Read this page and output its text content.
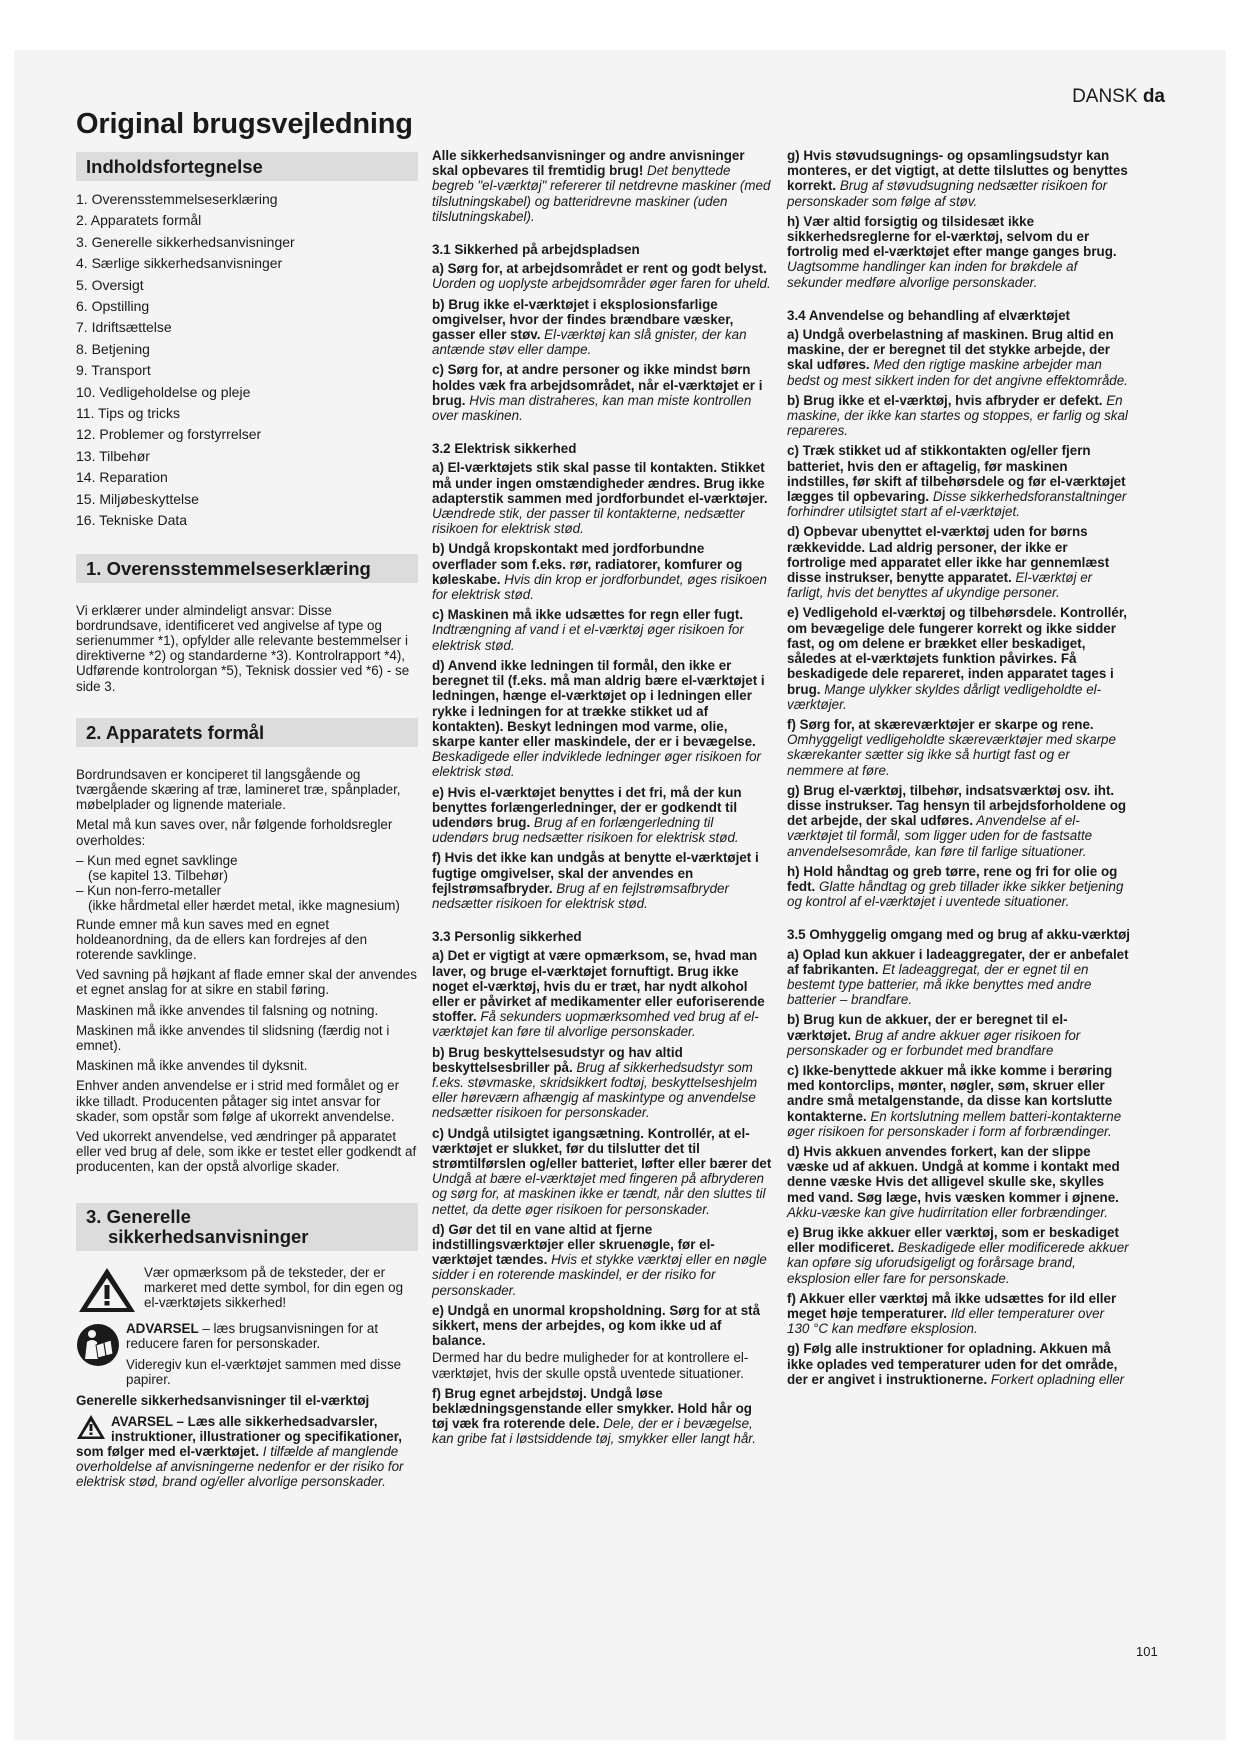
DANSK da
Original brugsvejledning
Indholdsfortegnelse
1. Overensstemmelseserklæring
2. Apparatets formål
3. Generelle sikkerhedsanvisninger
4. Særlige sikkerhedsanvisninger
5. Oversigt
6. Opstilling
7. Idriftsættelse
8. Betjening
9. Transport
10. Vedligeholdelse og pleje
11. Tips og tricks
12. Problemer og forstyrrelser
13. Tilbehør
14. Reparation
15. Miljøbeskyttelse
16. Tekniske Data
1. Overensstemmelseserklæring

Vi erklærer under almindeligt ansvar: Disse bordrundsave, identificeret ved angivelse af type og serienummer *1), opfylder alle relevante bestemmelser i direktiverne *2) og standarderne *3). Kontrolrapport *4), Udførende kontrolorgan *5), Teknisk dossier ved *6) - se side 3.

2. Apparatets formål

Bordrundsaven er konciperet til langsgående og tværgående skæring af træ, lamineret træ, spånplader, møbelplader og lignende materiale.

Metal må kun saves over, når følgende forholdsregler overholdes:

– Kun med egnet savklinge
(se kapitel 13. Tilbehør)
– Kun non-ferro-metaller
(ikke hårdmetal eller hærdet metal, ikke magnesium)

Runde emner må kun saves med en egnet holdeanordning, da de ellers kan fordrejes af den roterende savklinge.

Ved savning på højkant af flade emner skal der anvendes et egnet anslag for at sikre en stabil føring.

Maskinen må ikke anvendes til falsning og notning.

Maskinen må ikke anvendes til slidsning (færdig not i emnet).

Maskinen må ikke anvendes til dyksnit.

Enhver anden anvendelse er i strid med formålet og er ikke tilladt. Producenten påtager sig intet ansvar for skader, som opstår som følge af ukorrekt anvendelse.

Ved ukorrekt anvendelse, ved ændringer på apparatet eller ved brug af dele, som ikke er testet eller godkendt af producenten, kan der opstå alvorlige skader.

3. Generelle
sikkerhedsanvisninger
Vær opmærksom på de teksteder, der er markeret med dette symbol, for din egen og el-værktøjets sikkerhed!
ADVARSEL – læs brugsanvisningen for at reducere faren for personskader.
Videregiv kun el-værktøjet sammen med disse papirer.

Generelle sikkerhedsanvisninger til el-værktøj

AVARSEL – Læs alle sikkerhedsadvarsler, instruktioner, illustrationer og specifikationer, som følger med el-værktøjet. I tilfælde af manglende overholdelse af anvisningerne nedenfor er der risiko for elektrisk stød, brand og/eller alvorlige personskader.

Alle sikkerhedsanvisninger og andre anvisninger skal opbevares til fremtidig brug! Det benyttede begreb "el-værktøj" refererer til netdrevne maskiner (med tilslutningskabel) og batteridrevne maskiner (uden tilslutningskabel).

3.1 Sikkerhed på arbejdspladsen

a) Sørg for, at arbejdsområdet er rent og godt belyst. Uorden og uoplyste arbejdsområder øger faren for uheld.

b) Brug ikke el-værktøjet i eksplosionsfarlige omgivelser, hvor der findes brændbare væsker, gasser eller støv. El-værktøj kan slå gnister, der kan antænde støv eller dampe.

c) Sørg for, at andre personer og ikke mindst børn holdes væk fra arbejdsområdet, når el-værktøjet er i brug. Hvis man distraheres, kan man miste kontrollen over maskinen.

3.2 Elektrisk sikkerhed

a) El-værktøjets stik skal passe til kontakten. Stikket må under ingen omstændigheder ændres. Brug ikke adapterstik sammen med jordforbundet el-værktøjer. Uændrede stik, der passer til kontakterne, nedsætter risikoen for elektrisk stød.

b) Undgå kropskontakt med jordforbundne overflader som f.eks. rør, radiatorer, komfurer og køleskabe. Hvis din krop er jordforbundet, øges risikoen for elektrisk stød.

c) Maskinen må ikke udsættes for regn eller fugt. Indtrængning af vand i et el-værktøj øger risikoen for elektrisk stød.

d) Anvend ikke ledningen til formål, den ikke er beregnet til (f.eks. må man aldrig bære el-værktøjet i ledningen, hænge el-værktøjet op i ledningen eller rykke i ledningen for at trække stikket ud af kontakten). Beskyt ledningen mod varme, olie, skarpe kanter eller maskindele, der er i bevægelse. Beskadigede eller indviklede ledninger øger risikoen for elektrisk stød.

e) Hvis el-værktøjet benyttes i det fri, må der kun benyttes forlængerledninger, der er godkendt til udendørs brug. Brug af en forlængerledning til udendørs brug nedsætter risikoen for elektrisk stød.

f) Hvis det ikke kan undgås at benytte el-værktøjet i fugtige omgivelser, skal der anvendes en fejlstrømsafbryder. Brug af en fejlstrømsafbryder nedsætter risikoen for elektrisk stød.

3.3 Personlig sikkerhed

a) Det er vigtigt at være opmærksom, se, hvad man laver, og bruge el-værktøjet fornuftigt. Brug ikke noget el-værktøj, hvis du er træt, har nydt alkohol eller er påvirket af medikamenter eller euforiserende stoffer. Få sekunders uopmærksomhed ved brug af el-værktøjet kan føre til alvorlige personskader.

b) Brug beskyttelsesudstyr og hav altid beskyttelsesbriller på. Brug af sikkerhedsudstyr som f.eks. støvmaske, skridsikkert fodtøj, beskyttelseshjelm eller høreværn afhængig af maskintype og anvendelse nedsætter risikoen for personskader.

c) Undgå utilsigtet igangsætning. Kontrollér, at el-værktøjet er slukket, før du tilslutter det til strømtilførslen og/eller batteriet, løfter eller bærer det Undgå at bære el-værktøjet med fingeren på afbryderen og sørg for, at maskinen ikke er tændt, når den sluttes til nettet, da dette øger risikoen for personskader.

d) Gør det til en vane altid at fjerne indstillingsværktøjer eller skruenøgle, før el-værktøjet tændes. Hvis et stykke værktøj eller en nøgle sidder i en roterende maskindel, er der risiko for personskader.

e) Undgå en unormal kropsholdning. Sørg for at stå sikkert, mens der arbejdes, og kom ikke ud af balance.

Dermed har du bedre muligheder for at kontrollere el-værktøjet, hvis der skulle opstå uventede situationer.

f) Brug egnet arbejdstøj. Undgå løse beklædningsgenstande eller smykker. Hold hår og tøj væk fra roterende dele. Dele, der er i bevægelse, kan gribe fat i løstsiddende tøj, smykker eller langt hår.

g) Hvis støvudsugnings- og opsamlingsudstyr kan monteres, er det vigtigt, at dette tilsluttes og benyttes korrekt. Brug af støvudsugning nedsætter risikoen for personskader som følge af støv.

h) Vær altid forsigtig og tilsidesæt ikke sikkerhedsreglerne for el-værktøj, selvom du er fortrolig med el-værktøjet efter mange ganges brug. Uagtsomme handlinger kan inden for brøkdele af sekunder medføre alvorlige personskader.

3.4 Anvendelse og behandling af elværktøjet

a) Undgå overbelastning af maskinen. Brug altid en maskine, der er beregnet til det stykke arbejde, der skal udføres. Med den rigtige maskine arbejder man bedst og mest sikkert inden for det angivne effektområde.

b) Brug ikke et el-værktøj, hvis afbryder er defekt. En maskine, der ikke kan startes og stoppes, er farlig og skal repareres.

c) Træk stikket ud af stikkontakten og/eller fjern batteriet, hvis den er aftagelig, før maskinen indstilles, før skift af tilbehørsdele og før el-værktøjet lægges til opbevaring. Disse sikkerhedsforanstaltninger forhindrer utilsigtet start af el-værktøjet.

d) Opbevar ubenyttet el-værktøj uden for børns rækkevidde. Lad aldrig personer, der ikke er fortrolige med apparatet eller ikke har gennemlæst disse instrukser, benytte apparatet. El-værktøj er farligt, hvis det benyttes af ukyndige personer.

e) Vedligehold el-værktøj og tilbehørsdele. Kontrollér, om bevægelige dele fungerer korrekt og ikke sidder fast, og om delene er brækket eller beskadiget, således at el-værktøjets funktion påvirkes. Få beskadigede dele repareret, inden apparatet tages i brug. Mange ulykker skyldes dårligt vedligeholdte el-værktøjer.

f) Sørg for, at skæreværktøjer er skarpe og rene. Omhyggeligt vedligeholdte skæreværktøjer med skarpe skærekanter sætter sig ikke så hurtigt fast og er nemmere at føre.

g) Brug el-værktøj, tilbehør, indsatsværktøj osv. iht. disse instrukser. Tag hensyn til arbejdsforholdene og det arbejde, der skal udføres. Anvendelse af el-værktøjet til formål, som ligger uden for de fastsatte anvendelsesområde, kan føre til farlige situationer.

h) Hold håndtag og greb tørre, rene og fri for olie og fedt. Glatte håndtag og greb tillader ikke sikker betjening og kontrol af el-værktøjet i uventede situationer.

3.5 Omhyggelig omgang med og brug af akku-værktøj

a) Oplad kun akkuer i ladeaggregater, der er anbefalet af fabrikanten. Et ladeaggregat, der er egnet til en bestemt type batterier, må ikke benyttes med andre batterier – brandfare.

b) Brug kun de akkuer, der er beregnet til el-værktøjet. Brug af andre akkuer øger risikoen for personskader og er forbundet med brandfare

c) Ikke-benyttede akkuer må ikke komme i berøring med kontorclips, mønter, nøgler, søm, skruer eller andre små metalgenstande, da disse kan kortslutte kontakterne. En kortslutning mellem batteri-kontakterne øger risikoen for personskader i form af forbrændinger.

d) Hvis akkuen anvendes forkert, kan der slippe væske ud af akkuen. Undgå at komme i kontakt med denne væske Hvis det alligevel skulle ske, skylles med vand. Søg læge, hvis væsken kommer i øjnene. Akku-væske kan give hudirritation eller forbrændinger.

e) Brug ikke akkuer eller værktøj, som er beskadiget eller modificeret. Beskadigede eller modificerede akkuer kan opføre sig uforudsigeligt og forårsage brand, eksplosion eller fare for personskade.

f) Akkuer eller værktøj må ikke udsættes for ild eller meget høje temperaturer. Ild eller temperaturer over 130 °C kan medføre eksplosion.

g) Følg alle instruktioner for opladning. Akkuen må ikke oplades ved temperaturer uden for det område, der er angivet i instruktionerne. Forkert opladning eller

101
